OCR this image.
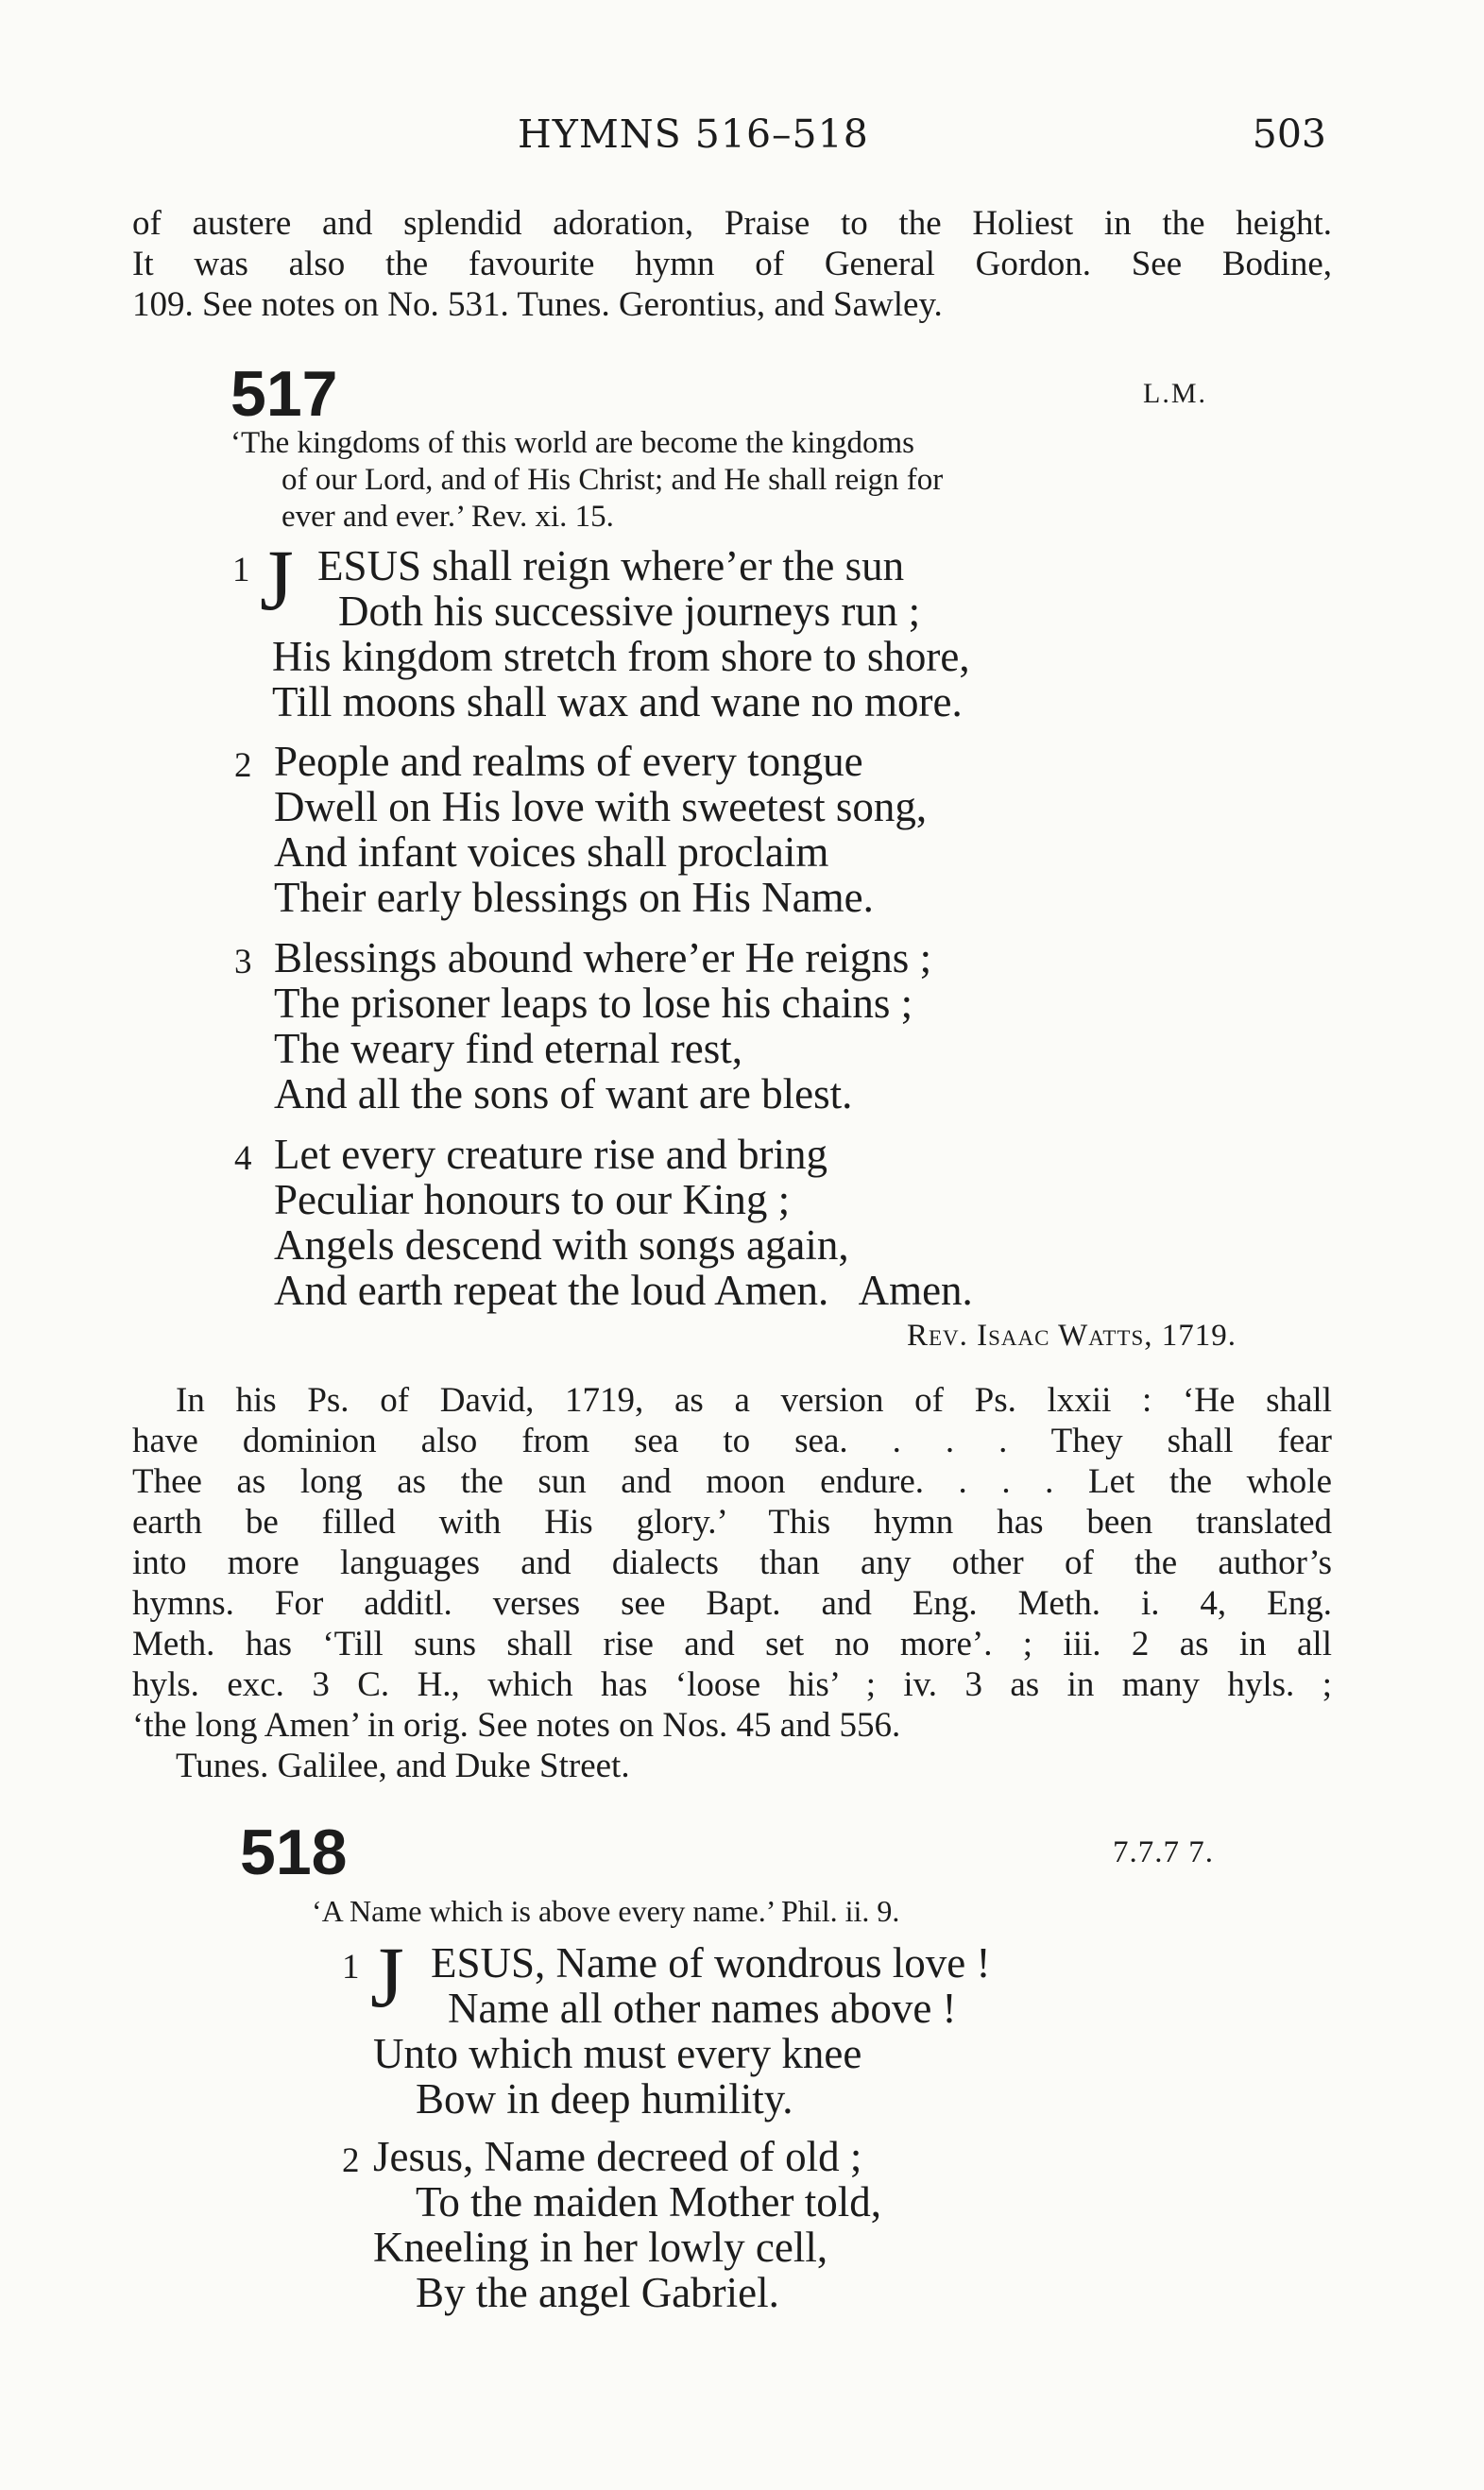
HYMNS 516–518	503
of austere and splendid adoration, Praise to the Holiest in the height.
It was also the favourite hymn of General Gordon. See Bodine,
109. See notes on No. 531. Tunes. Gerontius, and Sawley.
517	L.M.
‘The kingdoms of this world are become the kingdoms
of our Lord, and of His Christ; and He shall reign for
ever and ever.’ Rev. xi. 15.
1 J ESUS shall reign where’er the sun
Doth his successive journeys run ;
His kingdom stretch from shore to shore,
Till moons shall wax and wane no more.
2 People and realms of every tongue
Dwell on His love with sweetest song,
And infant voices shall proclaim
Their early blessings on His Name.
3 Blessings abound where’er He reigns ;
The prisoner leaps to lose his chains ;
The weary find eternal rest,
And all the sons of want are blest.
4 Let every creature rise and bring
Peculiar honours to our King ;
Angels descend with songs again,
And earth repeat the loud Amen.   Amen.
Rev. Isaac Watts, 1719.
In his Ps. of David, 1719, as a version of Ps. lxxii : ‘He shall
have dominion also from sea to sea. . . . They shall fear
Thee as long as the sun and moon endure. . . . Let the whole
earth be filled with His glory.’ This hymn has been translated
into more languages and dialects than any other of the author’s
hymns. For additl. verses see Bapt. and Eng. Meth. i. 4, Eng.
Meth. has ‘Till suns shall rise and set no more’. ; iii. 2 as in all
hyls. exc. 3 C. H., which has ‘loose his’ ; iv. 3 as in many hyls. ;
‘the long Amen’ in orig. See notes on Nos. 45 and 556.
Tunes. Galilee, and Duke Street.
518	7.7.7 7.
‘A Name which is above every name.’ Phil. ii. 9.
1 J ESUS, Name of wondrous love !
Name all other names above !
Unto which must every knee
Bow in deep humility.
2 Jesus, Name decreed of old ;
To the maiden Mother told,
Kneeling in her lowly cell,
By the angel Gabriel.
